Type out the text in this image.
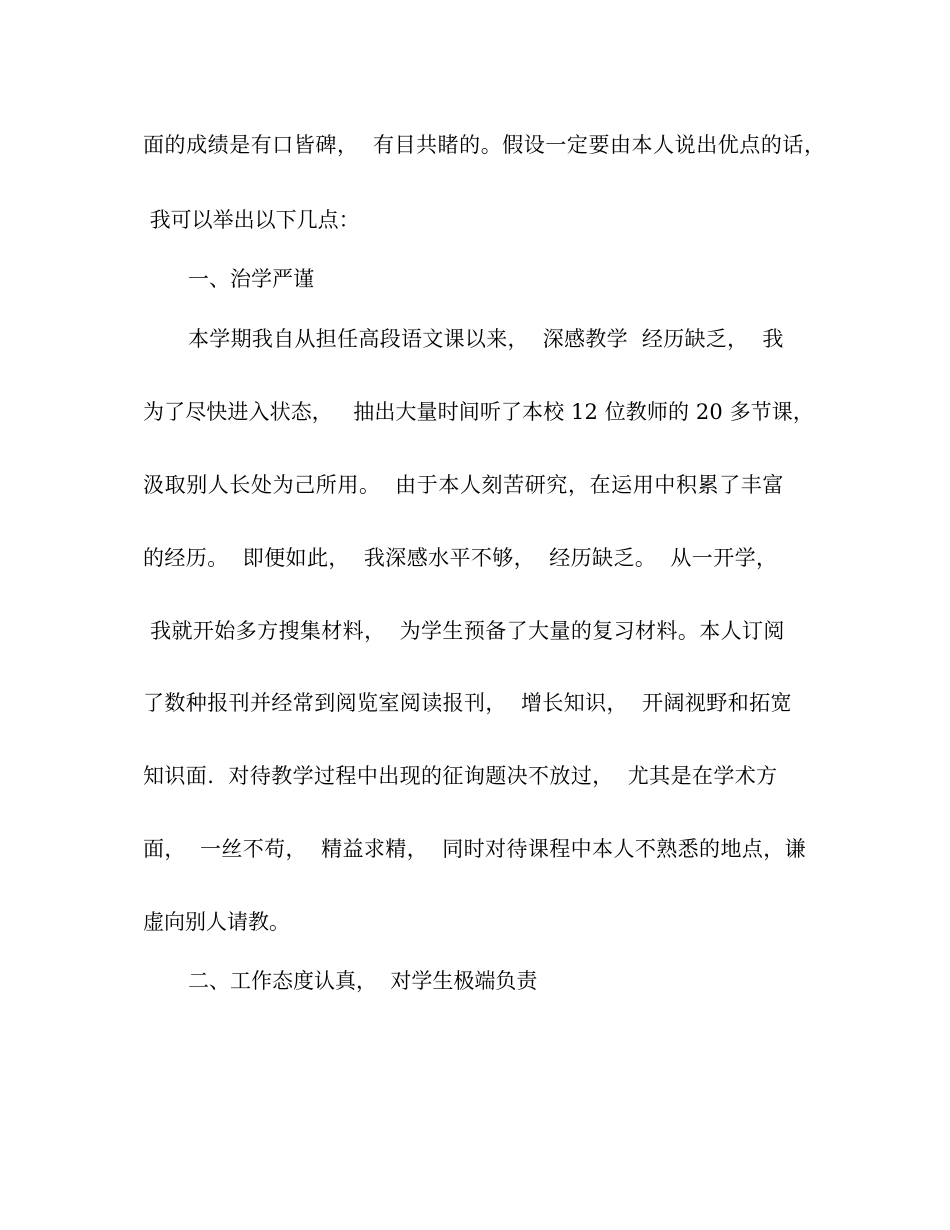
面的成绩是有口皆碑，  有目共睹的。假设一定要由本人说出优点的话，
我可以举出以下几点：
一、治学严谨
本学期我自从担任高段语文课以来，  深感教学  经历缺乏，  我
为了尽快进入状态，   抽出大量时间听了本校 12 位教师的 20 多节课，
汲取别人长处为己所用。  由于本人刻苦研究，在运用中积累了丰富
的经历。  即便如此，  我深感水平不够，  经历缺乏。  从一开学，
我就开始多方搜集材料，  为学生预备了大量的复习材料。本人订阅
了数种报刊并经常到阅览室阅读报刊，  增长知识，  开阔视野和拓宽
知识面.  对待教学过程中出现的征询题决不放过，  尤其是在学术方
面，  一丝不苟，  精益求精，  同时对待课程中本人不熟悉的地点，谦
虚向别人请教。
二、工作态度认真，  对学生极端负责
